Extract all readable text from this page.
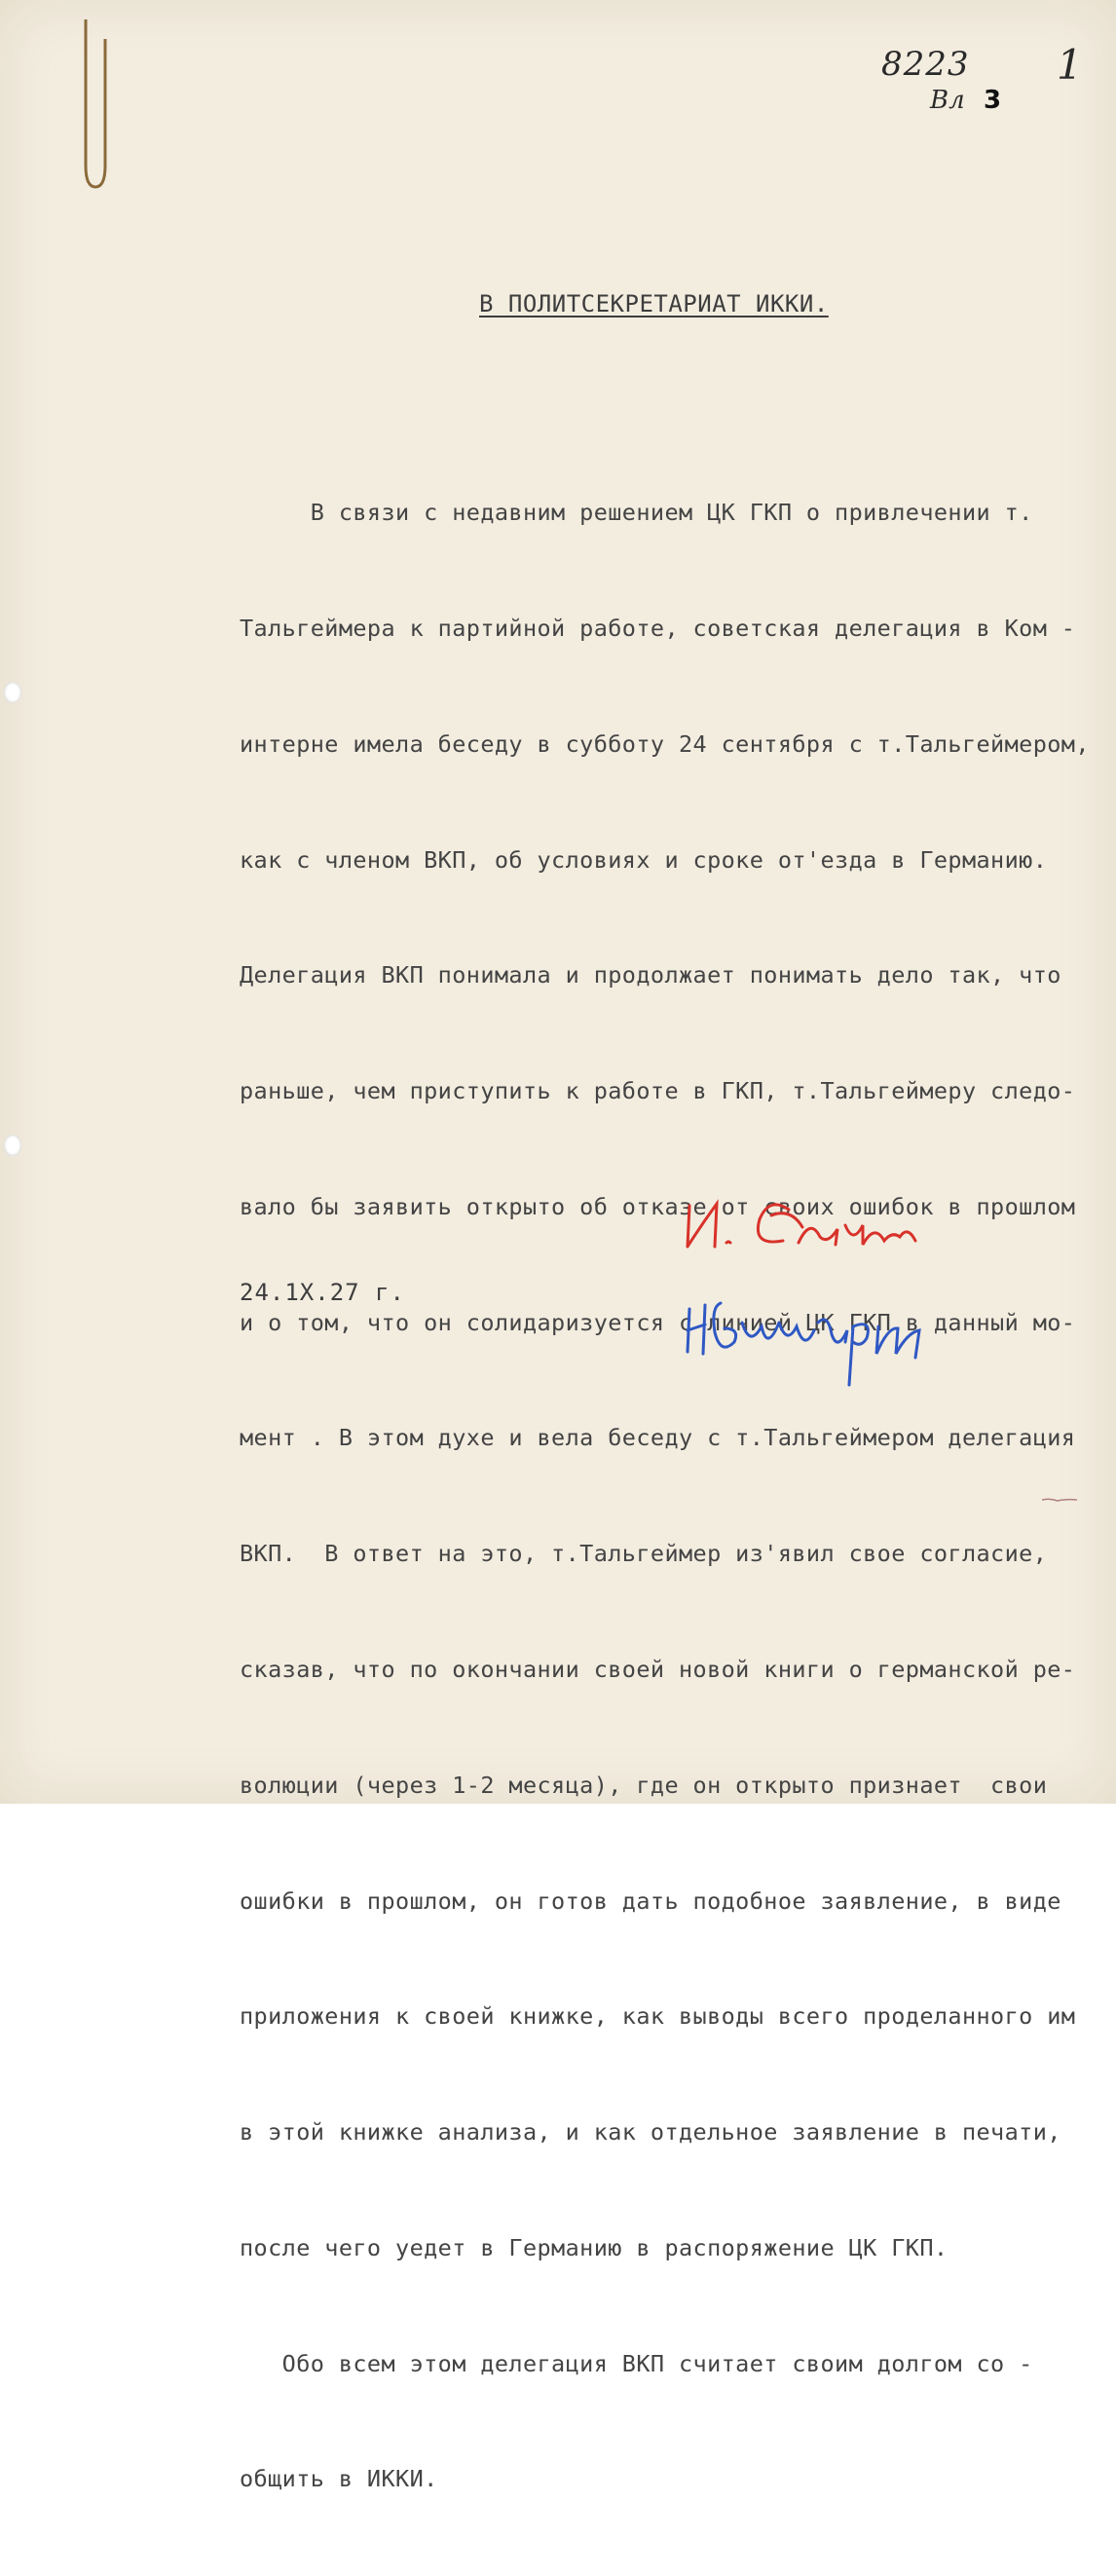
8223
Вл 3
1
В ПОЛИТСЕКРЕТАРИАТ ИККИ.

В связи с недавним решением ЦК ГКП о привлечении т.

Тальгеймера к партийной работе, советская делегация в Ком -

интерне имела беседу в субботу 24 сентября с т.Тальгеймером,

как с членом ВКП, об условиях и сроке от'езда в Германию.

Делегация ВКП понимала и продолжает понимать дело так, что

раньше, чем приступить к работе в ГКП, т.Тальгеймеру следо-

вало бы заявить открыто об отказе от своих ошибок в прошлом

и о том, что он солидаризуется с линией ЦК ГКП в данный мо-

мент . В этом духе и вела беседу с т.Тальгеймером делегация

ВКП.  В ответ на это, т.Тальгеймер из'явил свое согласие,

сказав, что по окончании своей новой книги о германской ре-

волюции (через 1-2 месяца), где он открыто признает  свои

ошибки в прошлом, он готов дать подобное заявление, в виде

приложения к своей книжке, как выводы всего проделанного им

в этой книжке анализа, и как отдельное заявление в печати,

после чего уедет в Германию в распоряжение ЦК ГКП.

Обо всем этом делегация ВКП считает своим долгом со -

общить в ИККИ.

24.1X.27 г.
